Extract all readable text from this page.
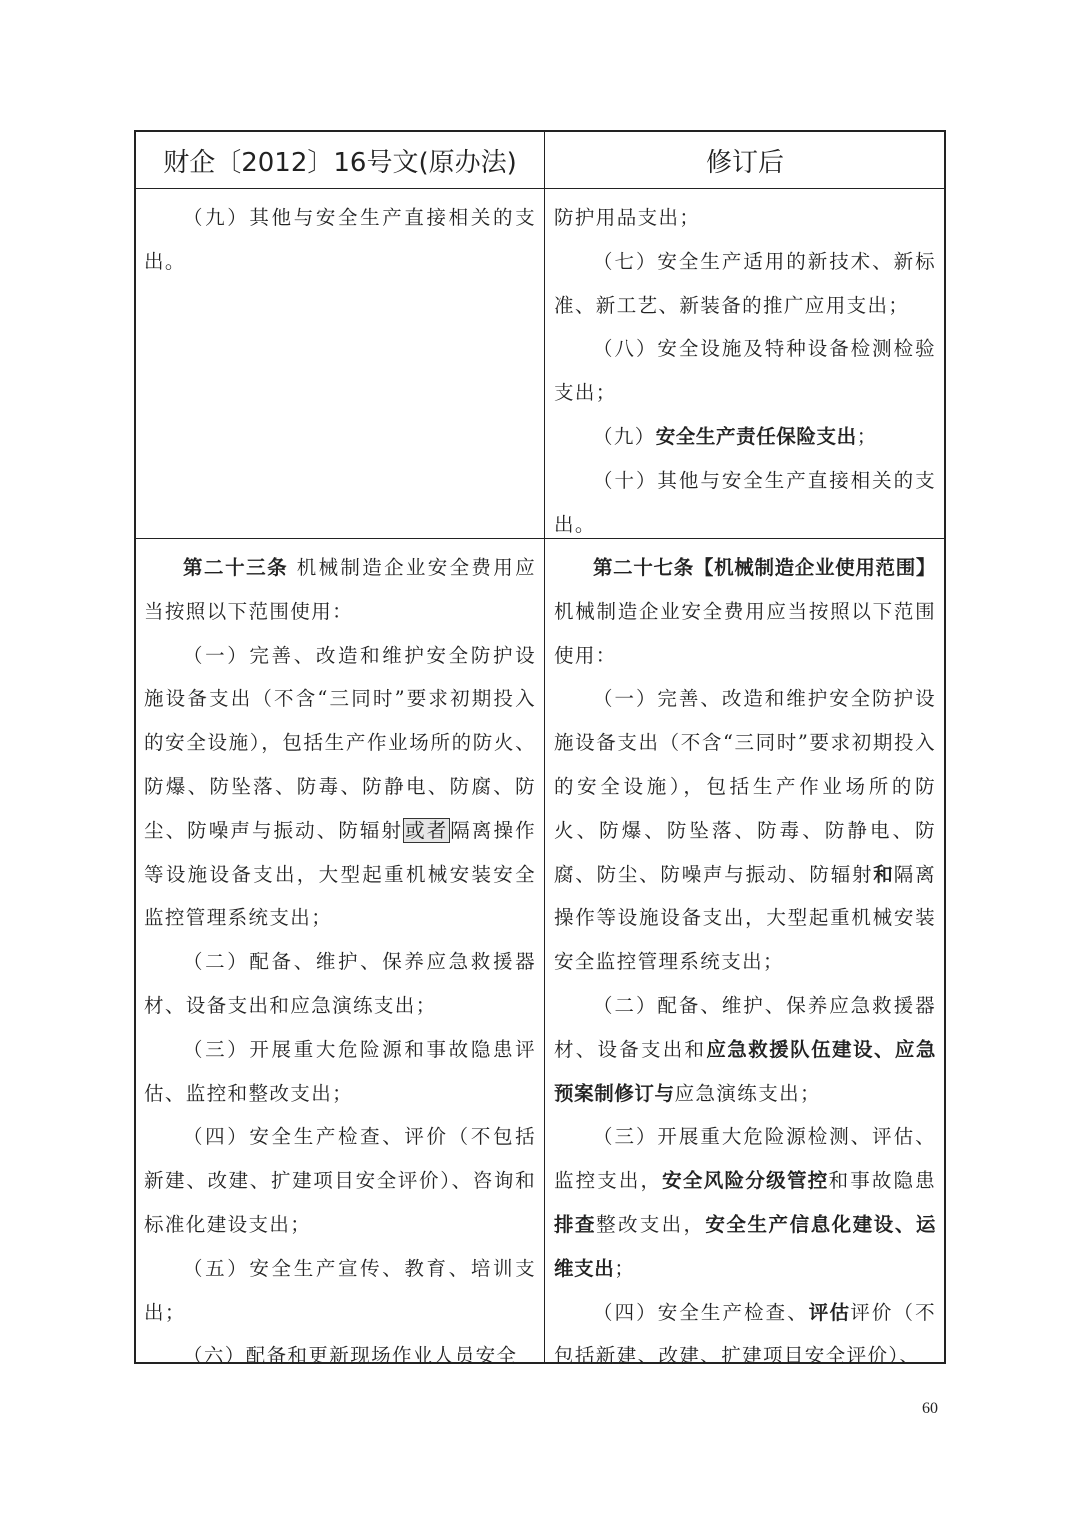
财企〔2012〕16号文(原办法)	修订后

（九）其他与安全生产直接相关的支出。

防护用品支出；

（七）安全生产适用的新技术、新标准、新工艺、新装备的推广应用支出；

（八）安全设施及特种设备检测检验支出；

（九）安全生产责任保险支出；

（十）其他与安全生产直接相关的支出。

第二十三条 机械制造企业安全费用应当按照以下范围使用：

（一）完善、改造和维护安全防护设施设备支出（不含“三同时”要求初期投入的安全设施），包括生产作业场所的防火、防爆、防坠落、防毒、防静电、防腐、防尘、防噪声与振动、防辐射 或者 隔离操作等设施设备支出，大型起重机械安装安全监控管理系统支出；

（二）配备、维护、保养应急救援器材、设备支出和应急演练支出；

（三）开展重大危险源和事故隐患评估、监控和整改支出；

（四）安全生产检查、评价（不包括新建、改建、扩建项目安全评价）、咨询和标准化建设支出；

（五）安全生产宣传、教育、培训支出；

（六）配备和更新现场作业人员安全

第二十七条【机械制造企业使用范围】机械制造企业安全费用应当按照以下范围使用：

（一）完善、改造和维护安全防护设施设备支出（不含“三同时”要求初期投入的安全设施），包括生产作业场所的防火、防爆、防坠落、防毒、防静电、防腐、防尘、防噪声与振动、防辐射和隔离操作等设施设备支出，大型起重机械安装安全监控管理系统支出；

（二）配备、维护、保养应急救援器材、设备支出和应急救援队伍建设、应急预案制修订与应急演练支出；

（三）开展重大危险源检测、评估、监控支出，安全风险分级管控和事故隐患排查整改支出，安全生产信息化建设、运维支出；

（四）安全生产检查、评估评价（不包括新建、改建、扩建项目安全评价）、

60
